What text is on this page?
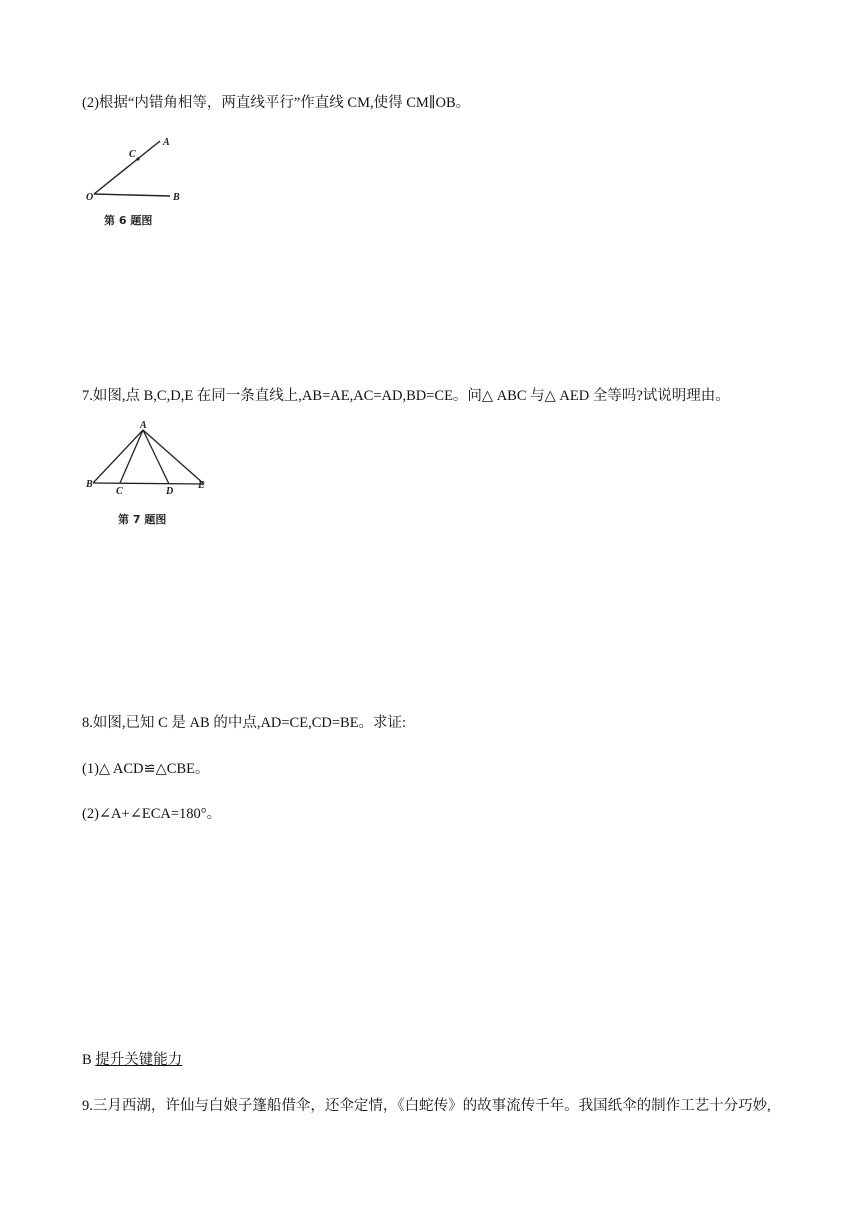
(2)根据“内错角相等，两直线平行”作直线 CM,使得 CM∥OB。
O
A
B
C
第 6 题图
7.如图,点 B,C,D,E 在同一条直线上,AB=AE,AC=AD,BD=CE。问△ ABC 与△ AED 全等吗?试说明理由。
A
B
C	D
E
第 7 题图
8.如图,已知 C 是 AB 的中点,AD=CE,CD=BE。求证:
(1)△ ACD≌△CBE。
(2)∠A+∠ECA=180°。
B 提升关键能力
9.三月西湖，许仙与白娘子篷船借伞，还伞定情，《白蛇传》的故事流传千年。我国纸伞的制作工艺十分巧妙,
